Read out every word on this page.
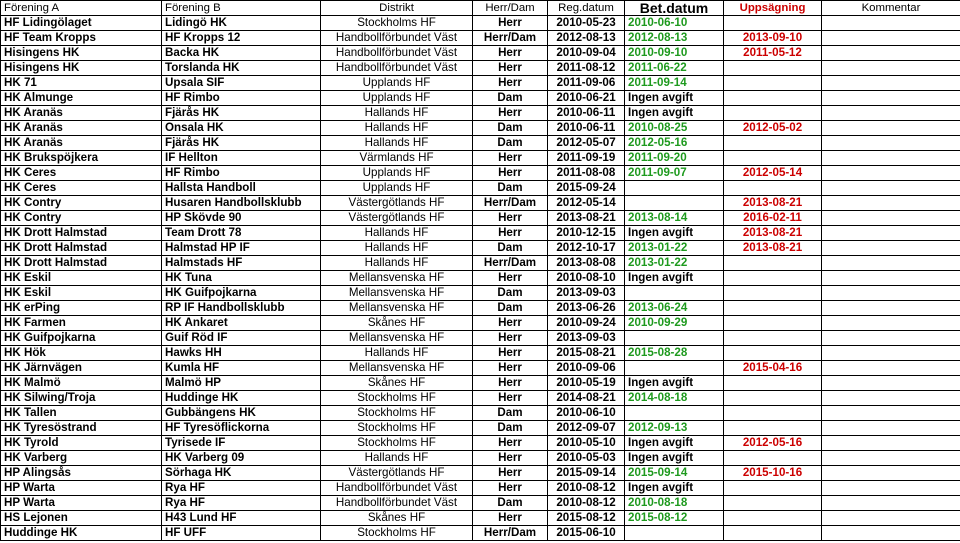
Förening A	Förening B	Distrikt	Herr/Dam	Reg.datum	Bet.datum	Uppsägning	Kommentar
HF Lidingölaget	Lidingö HK	Stockholms HF	Herr	2010-05-23	2010-06-10		
HF Team Kropps	HF Kropps 12	Handbollförbundet Väst	Herr/Dam	2012-08-13	2012-08-13	2013-09-10	
Hisingens HK	Backa HK	Handbollförbundet Väst	Herr	2010-09-04	2010-09-10	2011-05-12	
Hisingens HK	Torslanda HK	Handbollförbundet Väst	Herr	2011-08-12	2011-06-22		
HK 71	Upsala SIF	Upplands HF	Herr	2011-09-06	2011-09-14		
HK Almunge	HF Rimbo	Upplands HF	Dam	2010-06-21	Ingen avgift		
HK Aranäs	Fjärås HK	Hallands HF	Herr	2010-06-11	Ingen avgift		
HK Aranäs	Onsala HK	Hallands HF	Dam	2010-06-11	2010-08-25	2012-05-02	
HK Aranäs	Fjärås HK	Hallands HF	Dam	2012-05-07	2012-05-16		
HK Brukspöjkera	IF Hellton	Värmlands HF	Herr	2011-09-19	2011-09-20		
HK Ceres	HF Rimbo	Upplands HF	Herr	2011-08-08	2011-09-07	2012-05-14	
HK Ceres	Hallsta Handboll	Upplands HF	Dam	2015-09-24			
HK Contry	Husaren Handbollsklubb	Västergötlands HF	Herr/Dam	2012-05-14		2013-08-21	
HK Contry	HP Skövde 90	Västergötlands HF	Herr	2013-08-21	2013-08-14	2016-02-11	
HK Drott Halmstad	Team Drott 78	Hallands HF	Herr	2010-12-15	Ingen avgift	2013-08-21	
HK Drott Halmstad	Halmstad HP IF	Hallands HF	Dam	2012-10-17	2013-01-22	2013-08-21	
HK Drott Halmstad	Halmstads HF	Hallands HF	Herr/Dam	2013-08-08	2013-01-22		
HK Eskil	HK Tuna	Mellansvenska HF	Herr	2010-08-10	Ingen avgift		
HK Eskil	HK Guifpojkarna	Mellansvenska HF	Dam	2013-09-03			
HK erPing	RP IF Handbollsklubb	Mellansvenska HF	Dam	2013-06-26	2013-06-24		
HK Farmen	HK Ankaret	Skånes HF	Herr	2010-09-24	2010-09-29		
HK Guifpojkarna	Guif Röd IF	Mellansvenska HF	Herr	2013-09-03			
HK Hök	Hawks HH	Hallands HF	Herr	2015-08-21	2015-08-28		
HK Järnvägen	Kumla HF	Mellansvenska HF	Herr	2010-09-06		2015-04-16	
HK Malmö	Malmö HP	Skånes HF	Herr	2010-05-19	Ingen avgift		
HK Silwing/Troja	Huddinge HK	Stockholms HF	Herr	2014-08-21	2014-08-18		
HK Tallen	Gubbängens HK	Stockholms HF	Dam	2010-06-10			
HK Tyresöstrand	HF Tyresöflickorna	Stockholms HF	Dam	2012-09-07	2012-09-13		
HK Tyrold	Tyrisede IF	Stockholms HF	Herr	2010-05-10	Ingen avgift	2012-05-16	
HK Varberg	HK Varberg 09	Hallands HF	Herr	2010-05-03	Ingen avgift		
HP Alingsås	Sörhaga HK	Västergötlands HF	Herr	2015-09-14	2015-09-14	2015-10-16	
HP Warta	Rya HF	Handbollförbundet Väst	Herr	2010-08-12	Ingen avgift		
HP Warta	Rya HF	Handbollförbundet Väst	Dam	2010-08-12	2010-08-18		
HS Lejonen	H43 Lund HF	Skånes HF	Herr	2015-08-12	2015-08-12		
Huddinge HK	HF UFF	Stockholms HF	Herr/Dam	2015-06-10			
